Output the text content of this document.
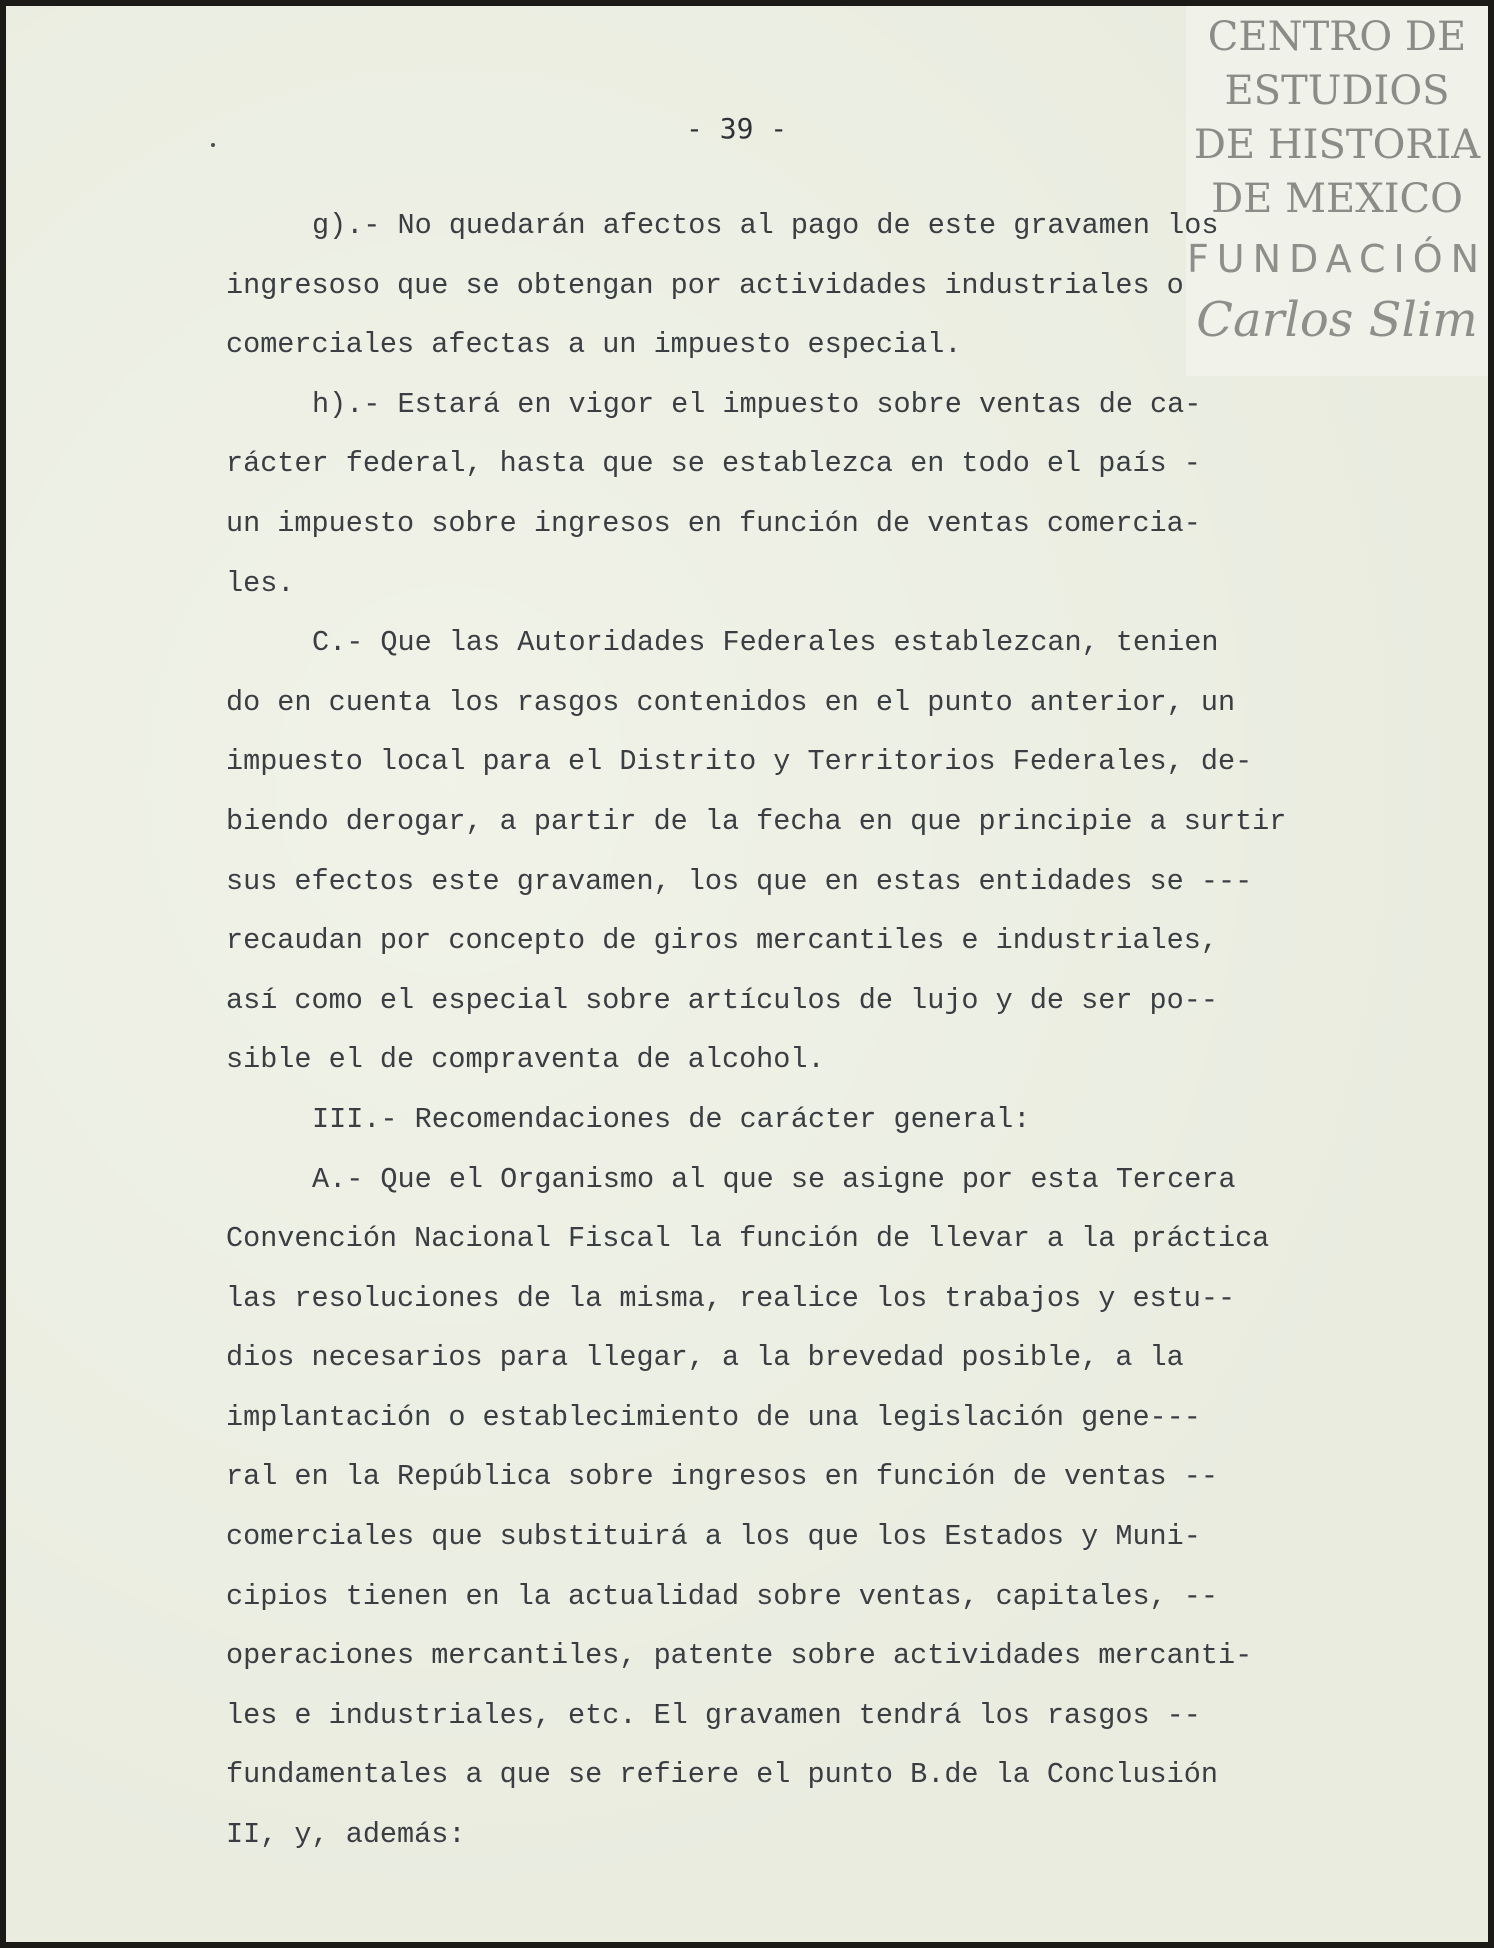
- 39 -
CENTRO DE
ESTUDIOS
DE HISTORIA
DE MEXICO
FUNDACIÓN
Carlos Slim
g).- No quedarán afectos al pago de este gravamen los
ingresoso que se obtengan por actividades industriales o
comerciales afectas a un impuesto especial.
h).- Estará en vigor el impuesto sobre ventas de ca-
rácter federal, hasta que se establezca en todo el país -
un impuesto sobre ingresos en función de ventas comercia-
les.
C.- Que las Autoridades Federales establezcan, tenien
do en cuenta los rasgos contenidos en el punto anterior, un
impuesto local para el Distrito y Territorios Federales, de-
biendo derogar, a partir de la fecha en que principie a surtir
sus efectos este gravamen, los que en estas entidades se ---
recaudan por concepto de giros mercantiles e industriales,
así como el especial sobre artículos de lujo y de ser po--
sible el de compraventa de alcohol.
III.- Recomendaciones de carácter general:
A.- Que el Organismo al que se asigne por esta Tercera
Convención Nacional Fiscal la función de llevar a la práctica
las resoluciones de la misma, realice los trabajos y estu--
dios necesarios para llegar, a la brevedad posible, a la
implantación o establecimiento de una legislación gene---
ral en la República sobre ingresos en función de ventas --
comerciales que substituirá a los que los Estados y Muni-
cipios tienen en la actualidad sobre ventas, capitales, --
operaciones mercantiles, patente sobre actividades mercanti-
les e industriales, etc. El gravamen tendrá los rasgos --
fundamentales a que se refiere el punto B.de la Conclusión
II, y, además:
